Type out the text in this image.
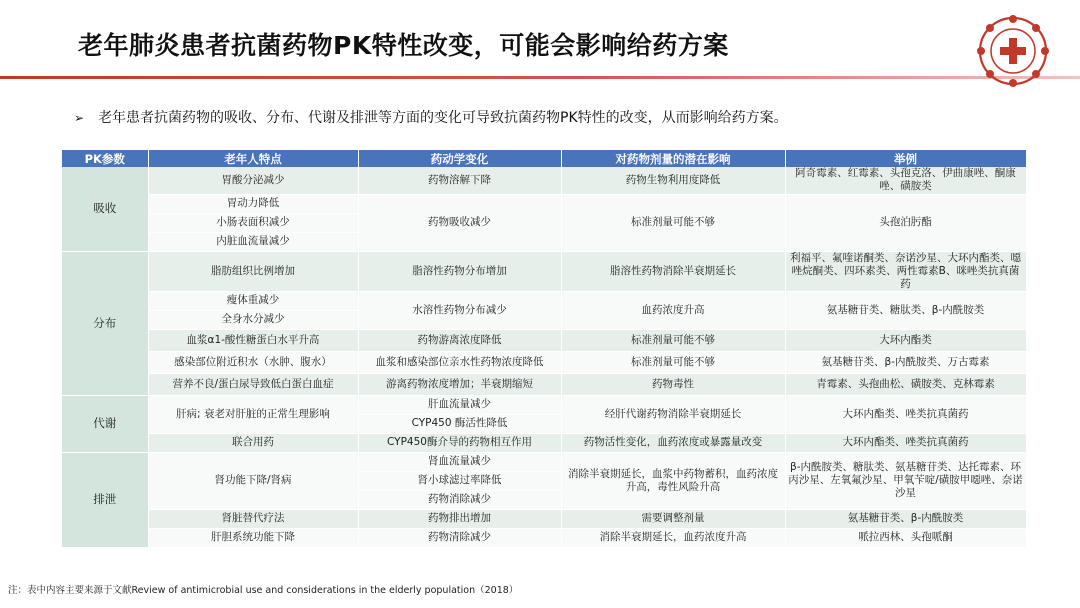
老年肺炎患者抗菌药物PK特性改变，可能会影响给药方案
➢ 老年患者抗菌药物的吸收、分布、代谢及排泄等方面的变化可导致抗菌药物PK特性的改变，从而影响给药方案。
PK参数	老年人特点	药动学变化	对药物剂量的潜在影响	举例
吸收	胃酸分泌减少	药物溶解下降	药物生物利用度降低	阿奇霉素、红霉素、头孢克洛、伊曲康唑、酮康唑、磺胺类
	胃动力降低	药物吸收减少	标准剂量可能不够	头孢泊肟酯
	小肠表面积减少			
	内脏血流量减少			
分布	脂肪组织比例增加	脂溶性药物分布增加	脂溶性药物消除半衰期延长	利福平、氟喹诺酮类、奈诺沙星、大环内酯类、噁唑烷酮类、四环素类、两性霉素B、咪唑类抗真菌药
	瘦体重减少	水溶性药物分布减少	血药浓度升高	氨基糖苷类、糖肽类、β-内酰胺类
	全身水分减少			
	血浆α1-酸性糖蛋白水平升高	药物游离浓度降低	标准剂量可能不够	大环内酯类
	感染部位附近积水（水肿、腹水）	血浆和感染部位亲水性药物浓度降低	标准剂量可能不够	氨基糖苷类、β-内酰胺类、万古霉素
	营养不良/蛋白尿导致低白蛋白血症	游离药物浓度增加；半衰期缩短	药物毒性	青霉素、头孢曲松、磺胺类、克林霉素
代谢	肝病; 衰老对肝脏的正常生理影响	肝血流量减少	经肝代谢药物消除半衰期延长	大环内酯类、唑类抗真菌药
		CYP450 酶活性降低		
	联合用药	CYP450酶介导的药物相互作用	药物活性变化，血药浓度或暴露量改变	大环内酯类、唑类抗真菌药
排泄	肾功能下降/肾病	肾血流量减少	消除半衰期延长，血浆中药物蓄积，血药浓度升高，毒性风险升高	β-内酰胺类、糖肽类、氨基糖苷类、达托霉素、环丙沙星、左氧氟沙星、甲氧苄啶/磺胺甲噁唑、奈诺沙星
		肾小球滤过率降低		
		药物消除减少		
	肾脏替代疗法	药物排出增加	需要调整剂量	氨基糖苷类、β-内酰胺类
	肝胆系统功能下降	药物清除减少	消除半衰期延长，血药浓度升高	哌拉西林、头孢哌酮
注：表中内容主要来源于文献Review of antimicrobial use and considerations in the elderly population（2018）
